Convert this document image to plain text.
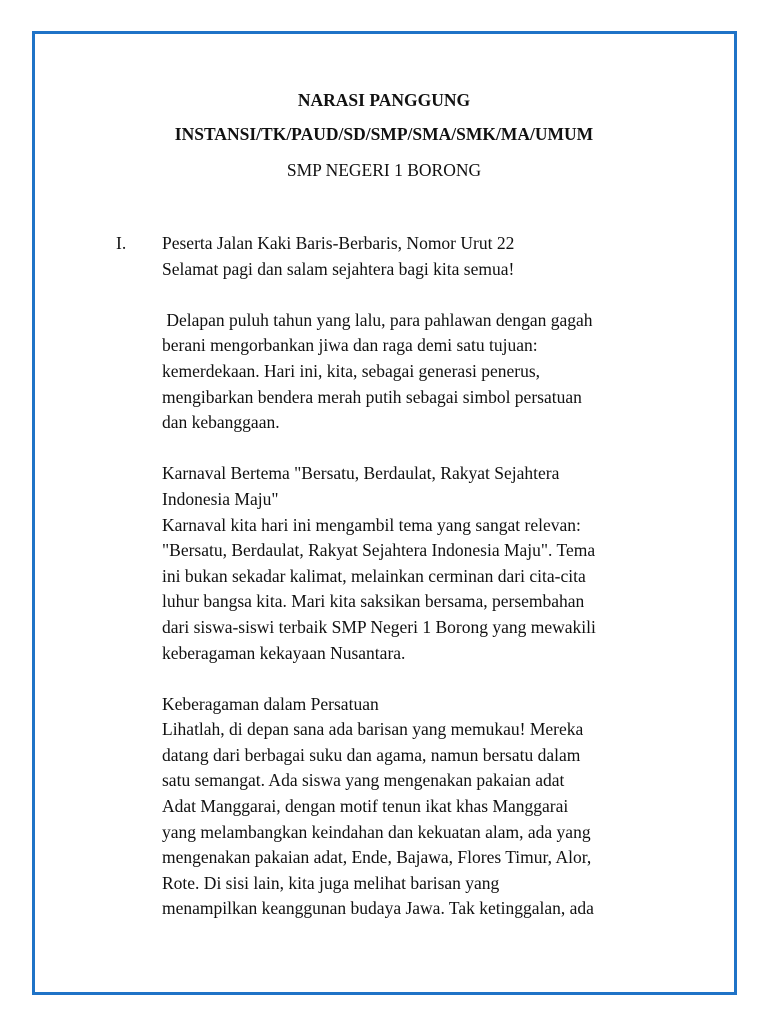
NARASI PANGGUNG
INSTANSI/TK/PAUD/SD/SMP/SMA/SMK/MA/UMUM
SMP NEGERI 1 BORONG
I. Peserta Jalan Kaki Baris-Berbaris, Nomor Urut 22
Selamat pagi dan salam sejahtera bagi kita semua!
Delapan puluh tahun yang lalu, para pahlawan dengan gagah
berani mengorbankan jiwa dan raga demi satu tujuan:
kemerdekaan. Hari ini, kita, sebagai generasi penerus,
mengibarkan bendera merah putih sebagai simbol persatuan
dan kebanggaan.
Karnaval Bertema "Bersatu, Berdaulat, Rakyat Sejahtera
Indonesia Maju"
Karnaval kita hari ini mengambil tema yang sangat relevan:
"Bersatu, Berdaulat, Rakyat Sejahtera Indonesia Maju". Tema
ini bukan sekadar kalimat, melainkan cerminan dari cita-cita
luhur bangsa kita. Mari kita saksikan bersama, persembahan
dari siswa-siswi terbaik SMP Negeri 1 Borong yang mewakili
keberagaman kekayaan Nusantara.
Keberagaman dalam Persatuan
Lihatlah, di depan sana ada barisan yang memukau! Mereka
datang dari berbagai suku dan agama, namun bersatu dalam
satu semangat. Ada siswa yang mengenakan pakaian adat
Adat Manggarai, dengan motif tenun ikat khas Manggarai
yang melambangkan keindahan dan kekuatan alam, ada yang
mengenakan pakaian adat, Ende, Bajawa, Flores Timur, Alor,
Rote. Di sisi lain, kita juga melihat barisan yang
menampilkan keanggunan budaya Jawa. Tak ketinggalan, ada
